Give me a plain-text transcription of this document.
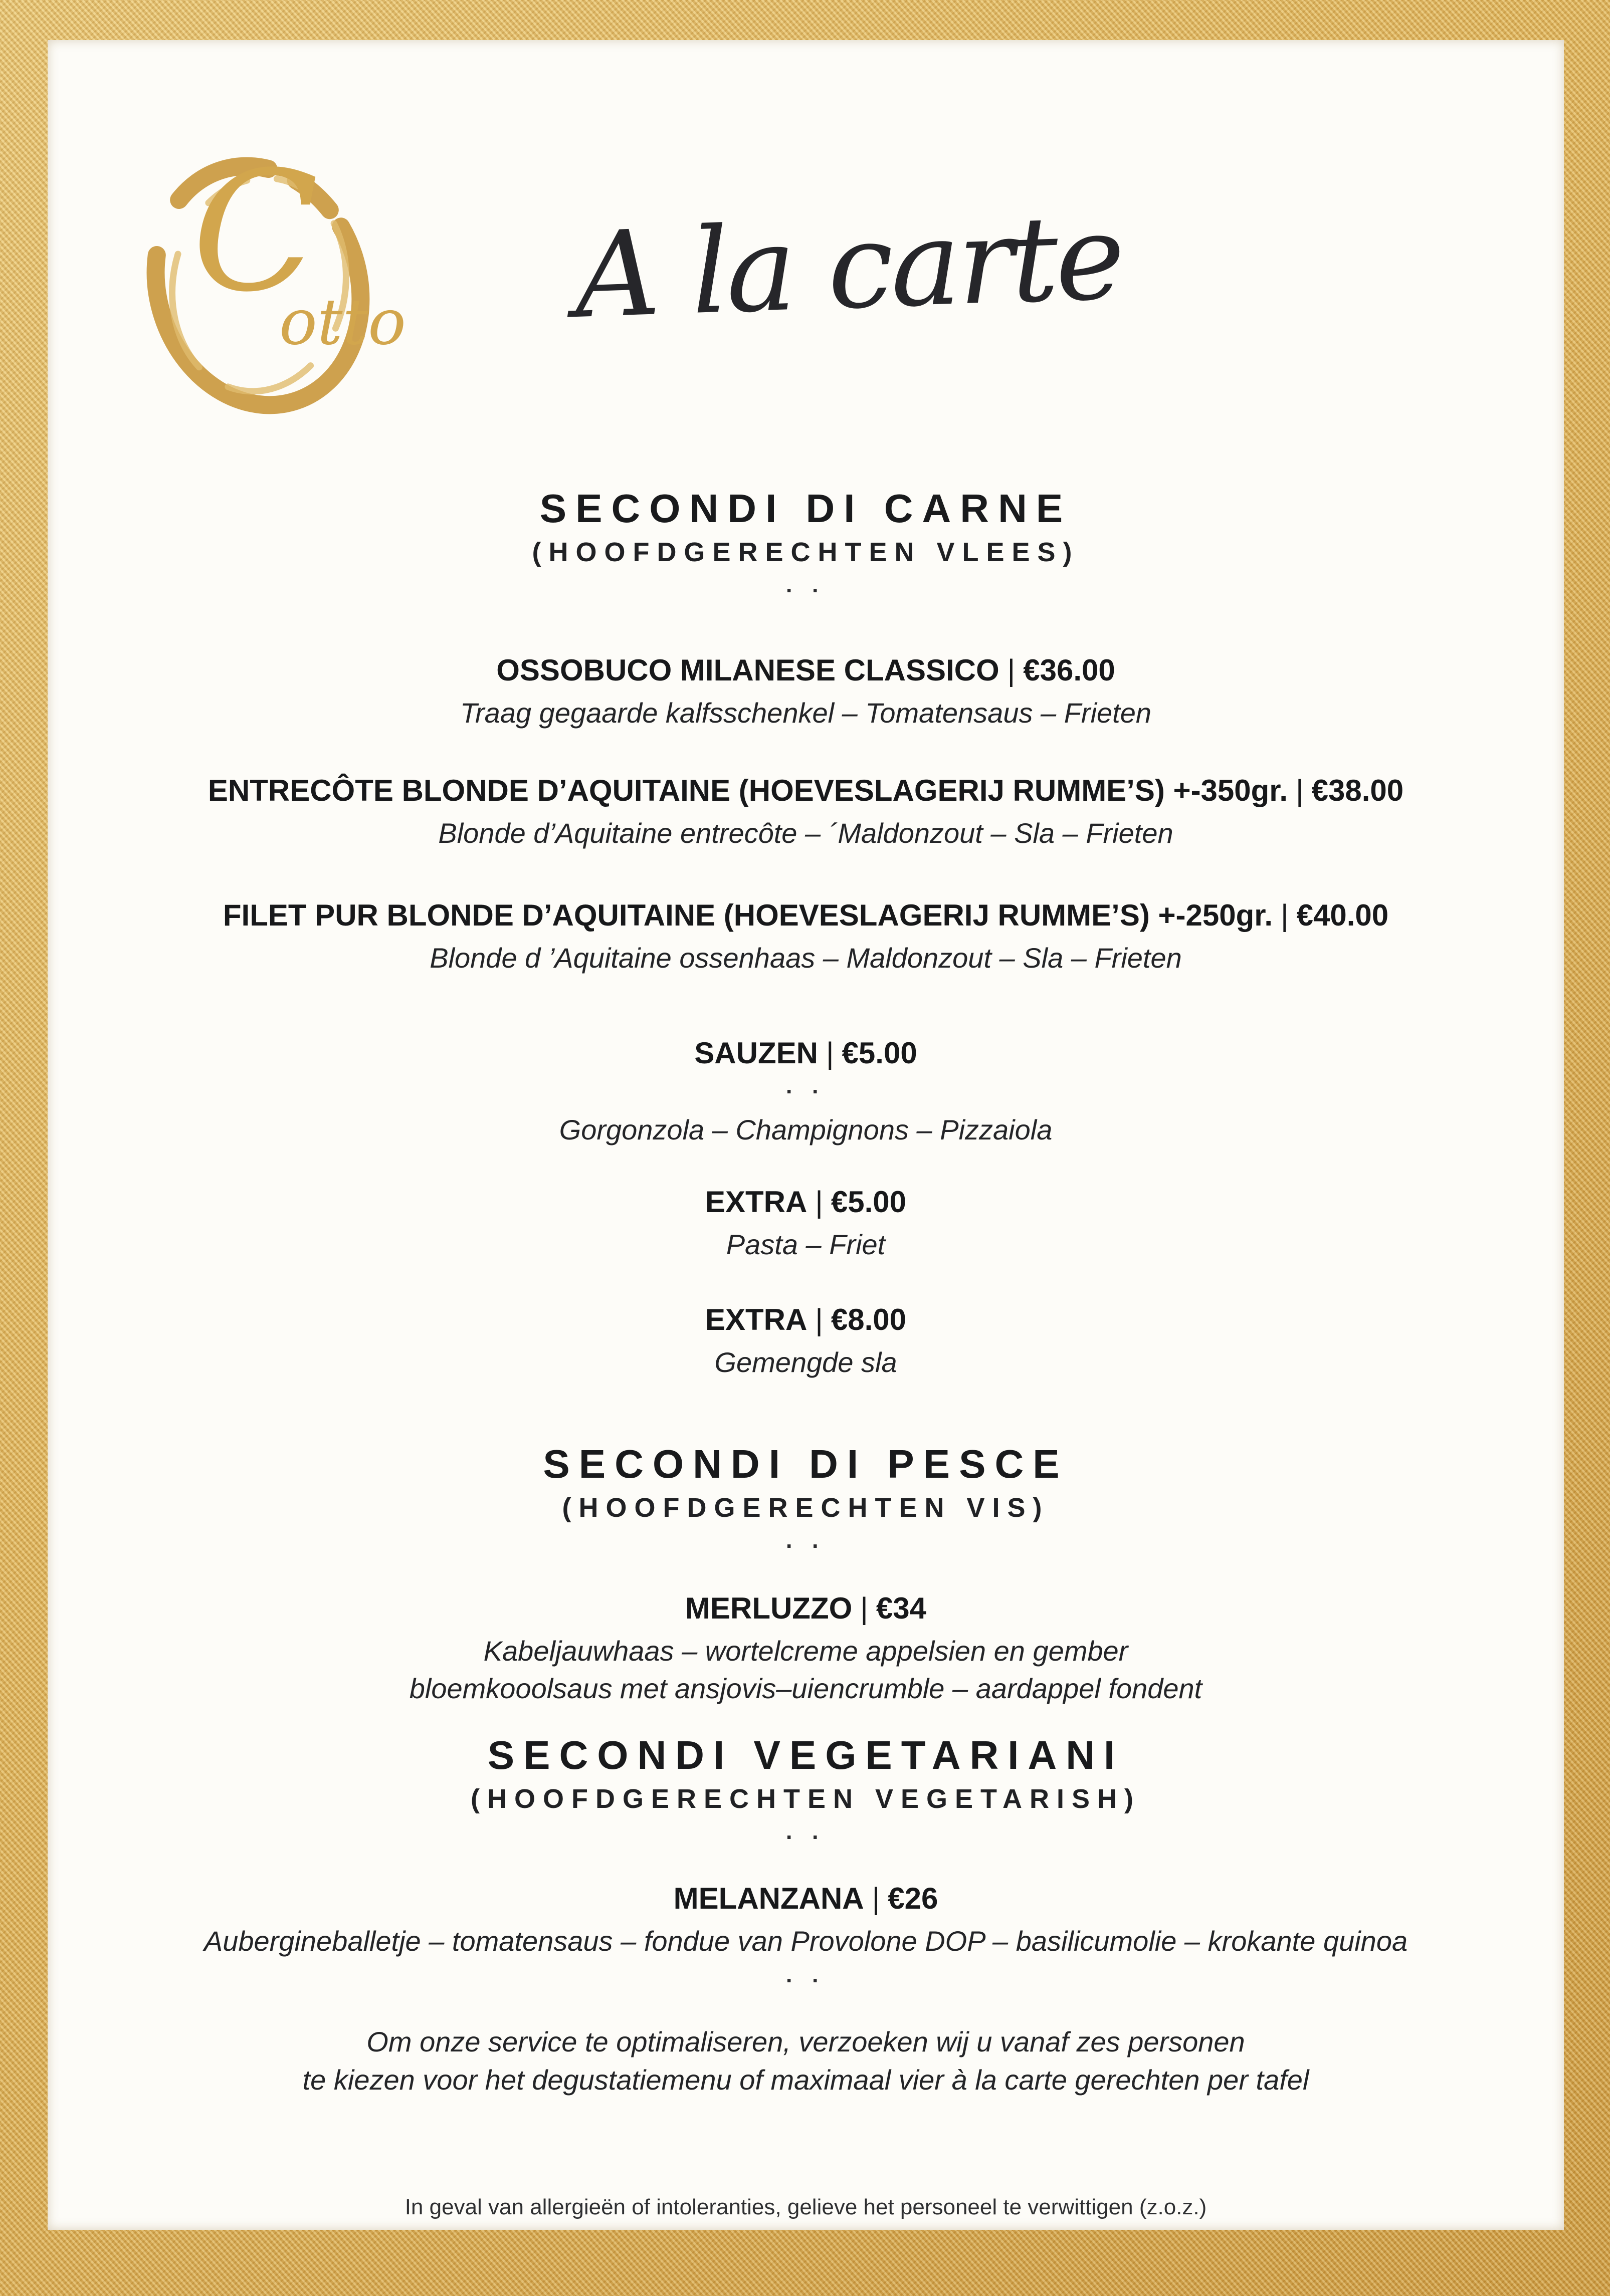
C
otto	A la carte
SECONDI DI CARNE
(HOOFDGERECHTEN VLEES)
· ·
OSSOBUCO MILANESE CLASSICO | €36.00
Traag gegaarde kalfsschenkel – Tomatensaus – Frieten
ENTRECÔTE BLONDE D’AQUITAINE (HOEVESLAGERIJ RUMME’S) +-350gr. | €38.00
Blonde d’Aquitaine entrecôte – ´Maldonzout – Sla – Frieten
FILET PUR BLONDE D’AQUITAINE (HOEVESLAGERIJ RUMME’S) +-250gr. | €40.00
Blonde d ’Aquitaine ossenhaas – Maldonzout – Sla – Frieten
SAUZEN | €5.00
· ·
Gorgonzola – Champignons – Pizzaiola
EXTRA | €5.00
Pasta – Friet
EXTRA | €8.00
Gemengde sla
SECONDI DI PESCE
(HOOFDGERECHTEN VIS)
· ·
MERLUZZO | €34
Kabeljauwhaas – wortelcreme appelsien en gember
bloemkooolsaus met ansjovis–uiencrumble – aardappel fondent
SECONDI VEGETARIANI
(HOOFDGERECHTEN VEGETARISH)
· ·
MELANZANA | €26
Aubergineballetje – tomatensaus – fondue van Provolone DOP – basilicumolie – krokante quinoa
· ·
Om onze service te optimaliseren, verzoeken wij u vanaf zes personen
te kiezen voor het degustatiemenu of maximaal vier à la carte gerechten per tafel
In geval van allergieën of intoleranties, gelieve het personeel te verwittigen (z.o.z.)
